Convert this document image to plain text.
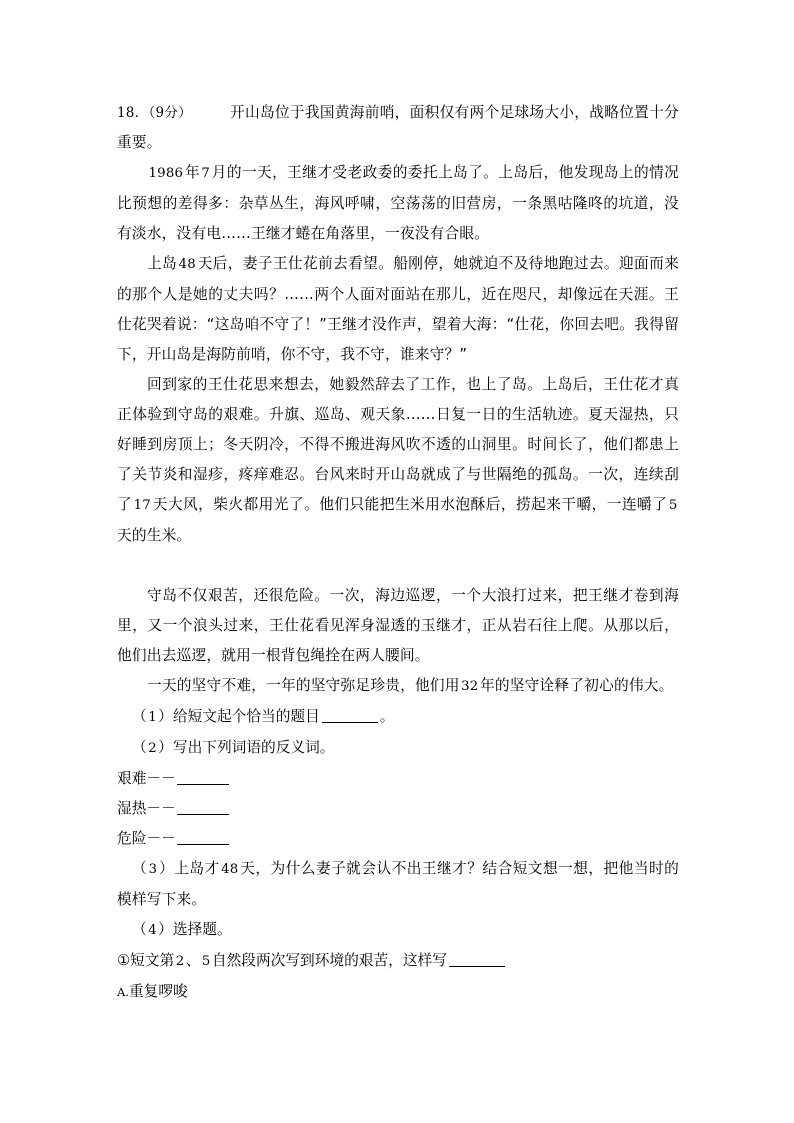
18．（9分）	开山岛位于我国黄海前哨，面积仅有两个足球场大小，战略位置十分重要。
1986 年 7 月的一天，王继才受老政委的委托上岛了。上岛后，他发现岛上的情况比预想的差得多：杂草丛生，海风呼啸，空荡荡的旧营房，一条黑咕隆咚的坑道，没有淡水，没有电……王继才蜷在角落里，一夜没有合眼。
上岛 48 天后，妻子王仕花前去看望。船刚停，她就迫不及待地跑过去。迎面而来的那个人是她的丈夫吗？……两个人面对面站在那儿，近在咫尺，却像远在天涯。王仕花哭着说：“这岛咱不守了！”王继才没作声，望着大海：“仕花，你回去吧。我得留下，开山岛是海防前哨，你不守，我不守，谁来守？”
回到家的王仕花思来想去，她毅然辞去了工作，也上了岛。上岛后，王仕花才真正体验到守岛的艰难。升旗、巡岛、观天象……日复一日的生活轨迹。夏天湿热，只好睡到房顶上；冬天阴冷，不得不搬进海风吹不透的山洞里。时间长了，他们都患上了关节炎和湿疹，疼痒难忍。台风来时开山岛就成了与世隔绝的孤岛。一次，连续刮了 17 天大风，柴火都用光了。他们只能把生米用水泡酥后，捞起来干嚼，一连嚼了 5天的生米。
守岛不仅艰苦，还很危险。一次，海边巡逻，一个大浪打过来，把王继才卷到海里，又一个浪头过来，王仕花看见浑身湿透的玉继才，正从岩石往上爬。从那以后，他们出去巡逻，就用一根背包绳拴在两人腰间。
一天的坚守不难，一年的坚守弥足珍贵，他们用 32 年的坚守诠释了初心的伟大。
（ 1 ）给短文起个恰当的题目	。
（ 2 ）写出下列词语的反义词。
艰难－－
湿热－－
危险－－
（ 3 ）上岛才 48 天，为什么妻子就会认不出王继才？结合短文想一想，把他当时的模样写下来。
（ 4 ）选择题。
①短文第 2 、 5 自然段两次写到环境的艰苦，这样写
A.重复啰唆
